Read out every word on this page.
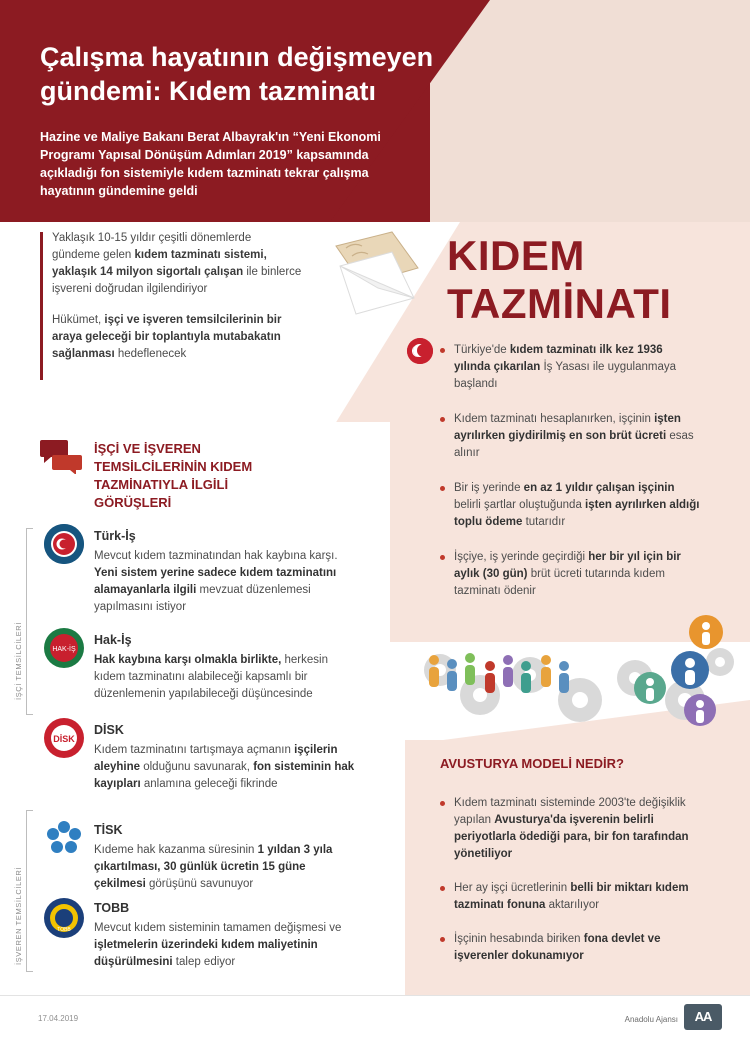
Çalışma hayatının değişmeyen gündemi: Kıdem tazminatı
Hazine ve Maliye Bakanı Berat Albayrak'ın “Yeni Ekonomi Programı Yapısal Dönüşüm Adımları 2019” kapsamında açıkladığı fon sistemiyle kıdem tazminatı tekrar çalışma hayatının gündemine geldi

Yaklaşık 10-15 yıldır çeşitli dönemlerde gündeme gelen kıdem tazminatı sistemi, yaklaşık 14 milyon sigortalı çalışan ile binlerce işvereni doğrudan ilgilendiriyor

Hükümet, işçi ve işveren temsilcilerinin bir araya geleceği bir toplantıyla mutabakatın sağlanması hedeflenecek

KIDEM
TAZMİNATI
Türkiye'de kıdem tazminatı ilk kez 1936 yılında çıkarılan İş Yasası ile uygulanmaya başlandı
Kıdem tazminatı hesaplanırken, işçinin işten ayrılırken giydirilmiş en son brüt ücreti esas alınır
Bir iş yerinde en az 1 yıldır çalışan işçinin belirli şartlar oluştuğunda işten ayrılırken aldığı toplu ödeme tutarıdır
İşçiye, iş yerinde geçirdiği her bir yıl için bir aylık (30 gün) brüt ücreti tutarında kıdem tazminatı ödenir
İŞÇİ VE İŞVEREN TEMSİLCİLERİNİN KIDEM TAZMİNATIYLA İLGİLİ GÖRÜŞLERİ
İŞÇİ TEMSİLCİLERİ
İŞVEREN TEMSİLCİLERİ
Türk-İş
Mevcut kıdem tazminatından hak kaybına karşı. Yeni sistem yerine sadece kıdem tazminatını alamayanlarla ilgili mevzuat düzenlemesi yapılmasını istiyor
HAK-İŞ
Hak-İş
Hak kaybına karşı olmakla birlikte, herkesin kıdem tazminatını alabileceği kapsamlı bir düzenlemenin yapılabileceği düşüncesinde
DİSK
DİSK
Kıdem tazminatını tartışmaya açmanın işçilerin aleyhine olduğunu savunarak, fon sisteminin hak kayıpları anlamına geleceği fikrinde
TİSK
Kıdeme hak kazanma süresinin 1 yıldan 3 yıla çıkartılması, 30 günlük ücretin 15 güne çekilmesi görüşünü savunuyor
TOBB
TOBB
Mevcut kıdem sisteminin tamamen değişmesi ve işletmelerin üzerindeki kıdem maliyetinin düşürülmesini talep ediyor
AVUSTURYA MODELİ NEDİR?
Kıdem tazminatı sisteminde 2003'te değişiklik yapılan Avusturya'da işverenin belirli periyotlarla ödediği para, bir fon tarafından yönetiliyor
Her ay işçi ücretlerinin belli bir miktarı kıdem tazminatı fonuna aktarılıyor
İşçinin hesabında biriken fona devlet ve işverenler dokunamıyor
17.04.2019	Anadolu Ajansı	AA
